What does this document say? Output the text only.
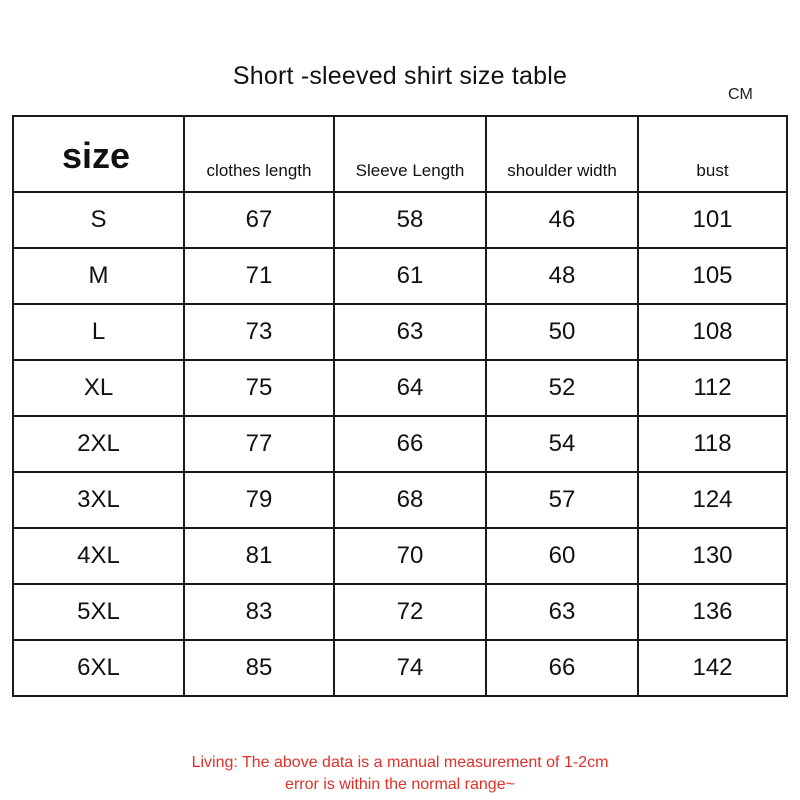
Short -sleeved shirt size table
CM
size	clothes length	Sleeve Length	shoulder width	bust
S	67	58	46	101
M	71	61	48	105
L	73	63	50	108
XL	75	64	52	112
2XL	77	66	54	118
3XL	79	68	57	124
4XL	81	70	60	130
5XL	83	72	63	136
6XL	85	74	66	142
Living: The above data is a manual measurement of 1-2cm
error is within the normal range~
